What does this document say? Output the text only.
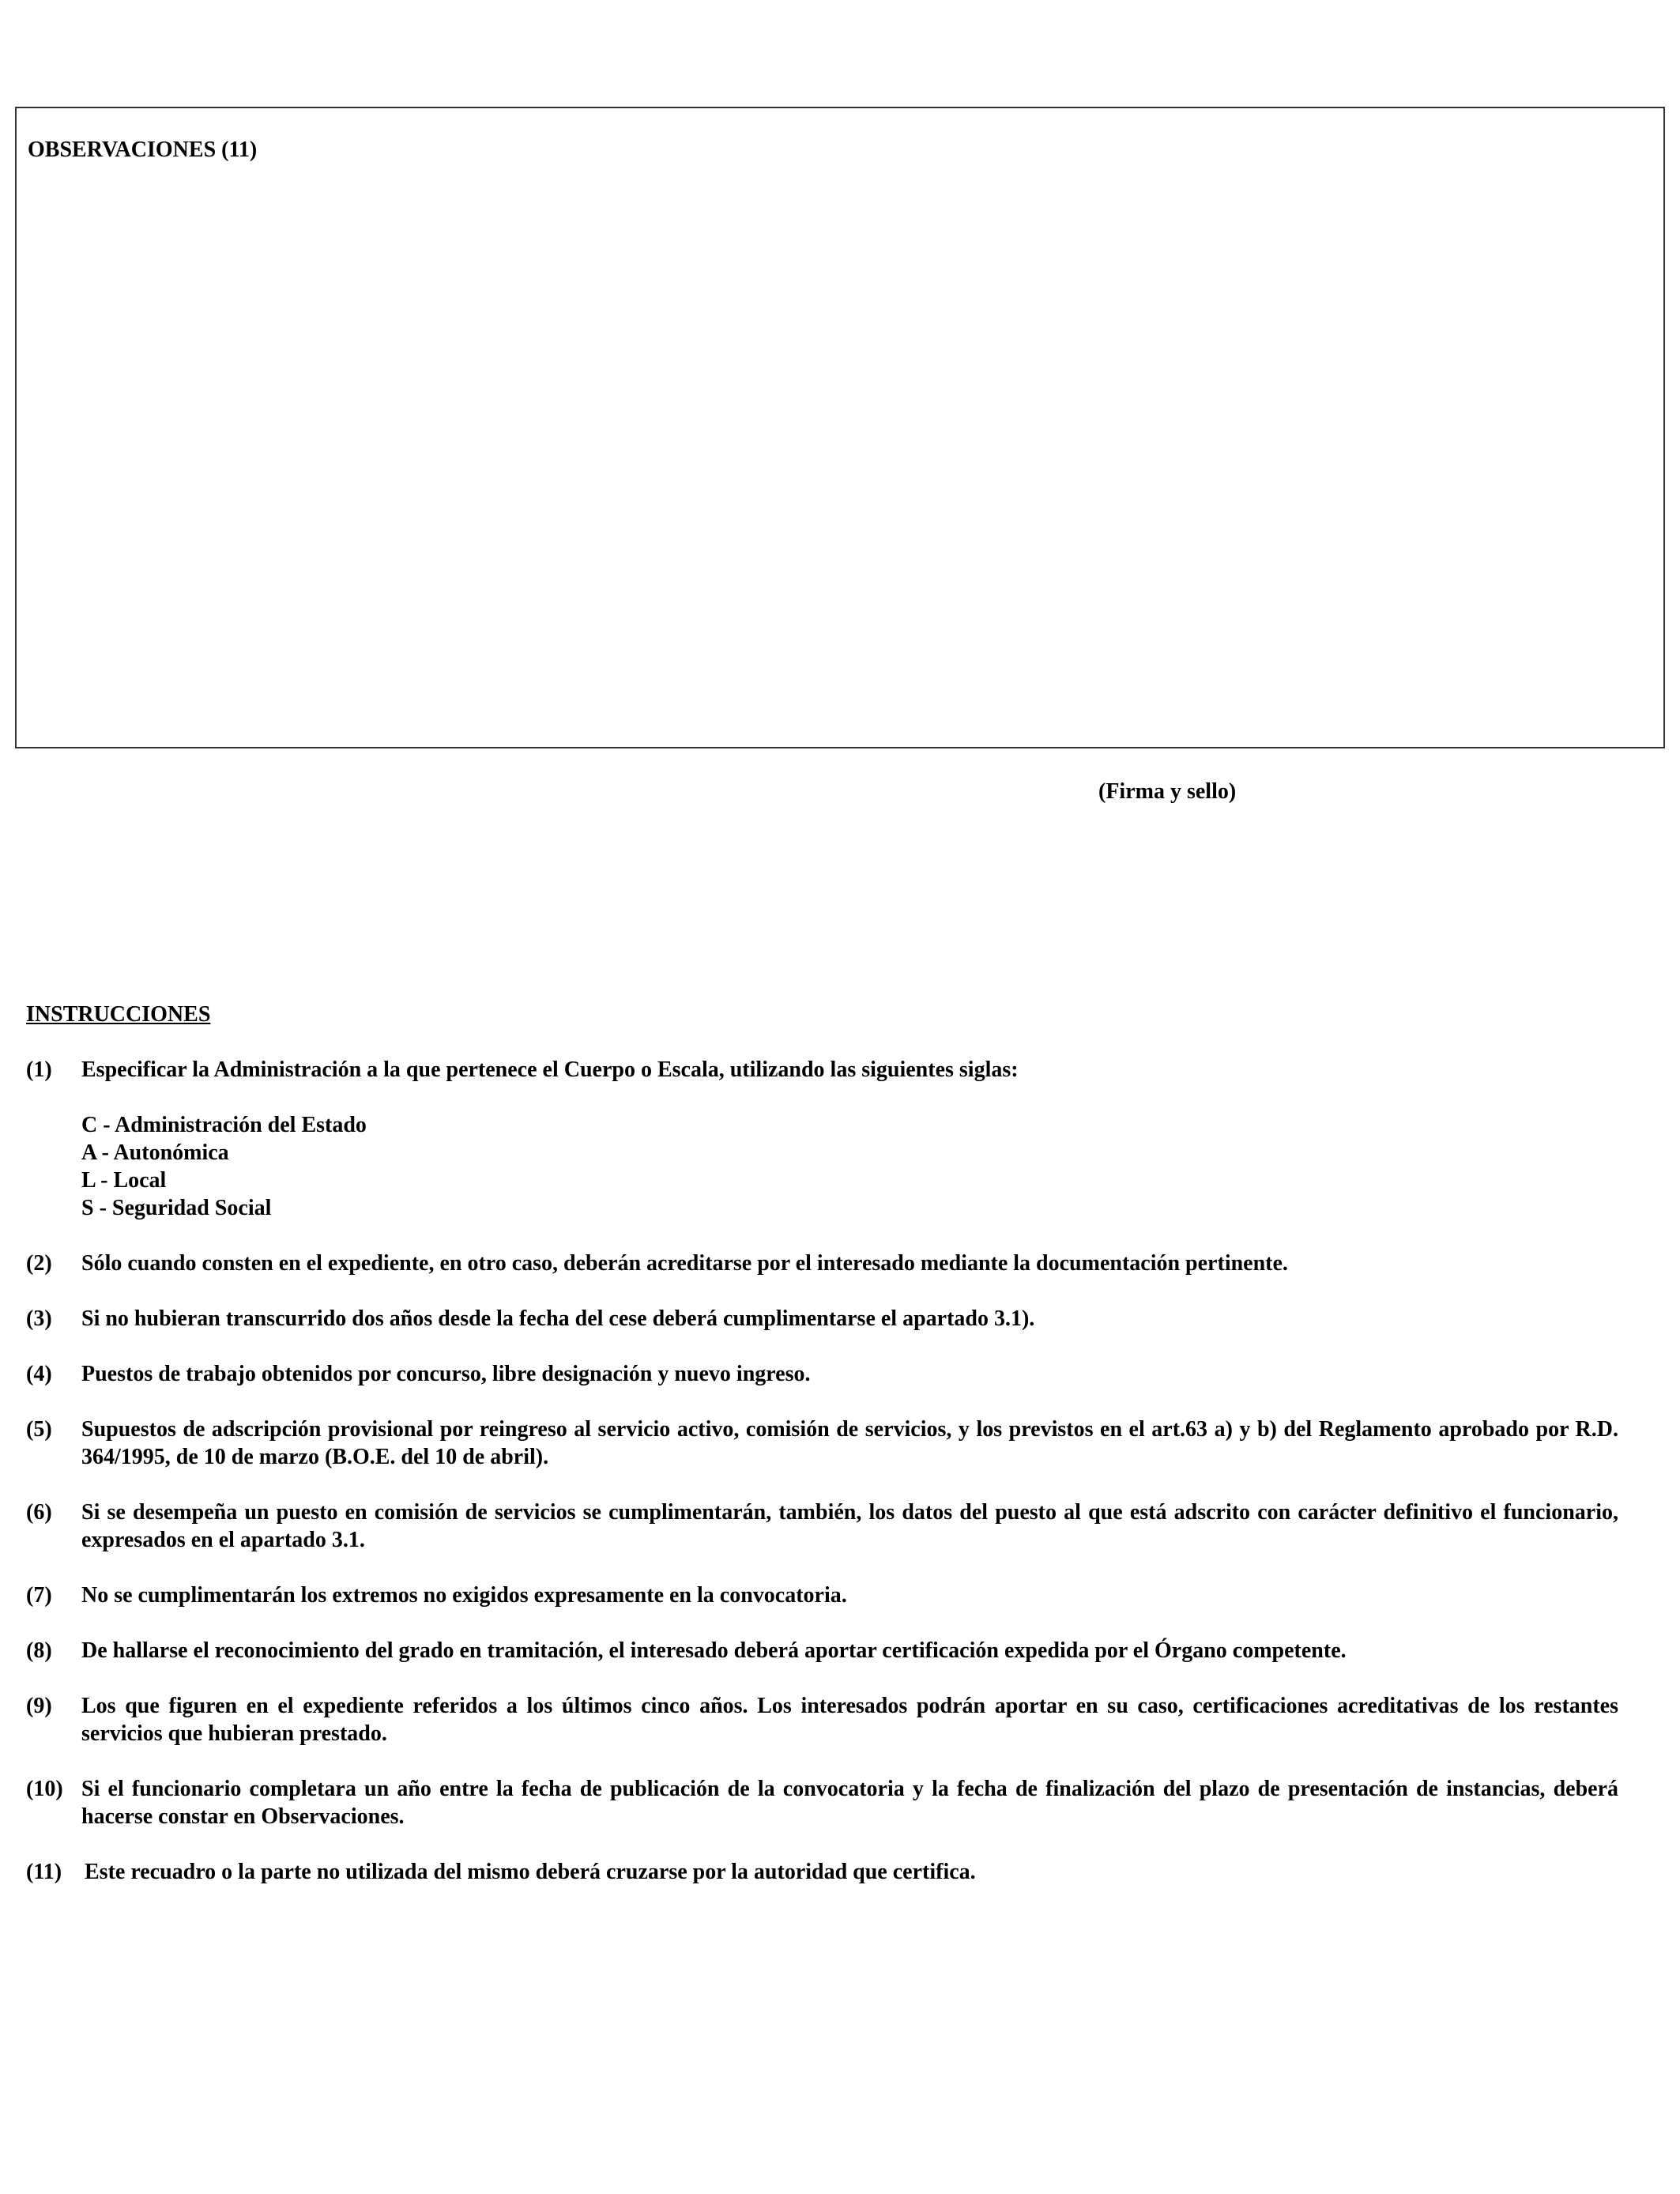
OBSERVACIONES (11)

(Firma y sello)

INSTRUCCIONES

(1)	Especificar la Administración a la que pertenece el Cuerpo o Escala, utilizando las siguientes siglas:
C - Administración del Estado
A - Autonómica
L - Local
S - Seguridad Social
(2)	Sólo cuando consten en el expediente, en otro caso, deberán acreditarse por el interesado mediante la documentación pertinente.
(3)	Si no hubieran transcurrido dos años desde la fecha del cese deberá cumplimentarse el apartado 3.1).
(4)	Puestos de trabajo obtenidos por concurso, libre designación y nuevo ingreso.
(5)	Supuestos de adscripción provisional por reingreso al servicio activo, comisión de servicios, y los previstos en el art.63 a) y b) del Reglamento aprobado por R.D. 364/1995, de 10 de marzo (B.O.E. del 10 de abril).
(6)	Si se desempeña un puesto en comisión de servicios se cumplimentarán, también, los datos del puesto al que está adscrito con carácter definitivo el funcionario, expresados en el apartado 3.1.
(7)	No se cumplimentarán los extremos no exigidos expresamente en la convocatoria.
(8)	De hallarse el reconocimiento del grado en tramitación, el interesado deberá aportar certificación expedida por el Órgano competente.
(9)	Los que figuren en el expediente referidos a los últimos cinco años. Los interesados podrán aportar en su caso, certificaciones acreditativas de los restantes servicios que hubieran prestado.
(10) Si el funcionario completara un año entre la fecha de publicación de la convocatoria y la fecha de finalización del plazo de presentación de instancias, deberá hacerse constar en Observaciones.
(11)	Este recuadro o la parte no utilizada del mismo deberá cruzarse por la autoridad que certifica.
